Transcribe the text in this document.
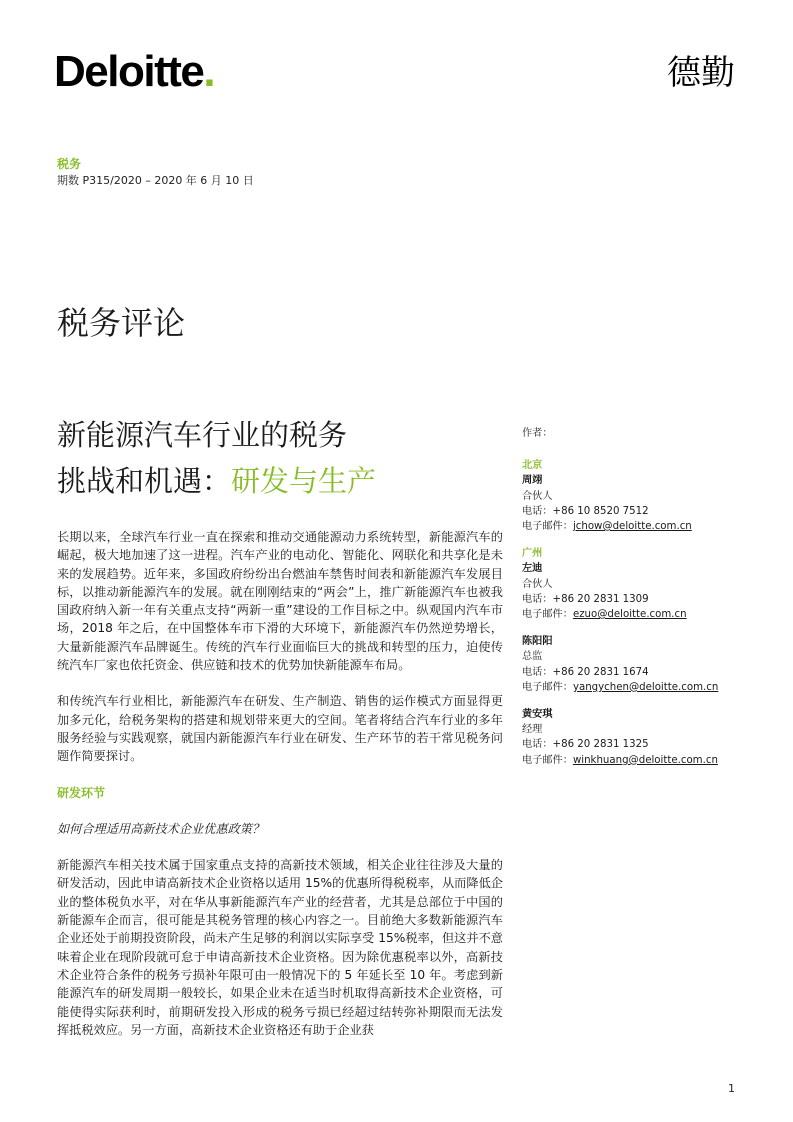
Deloitte.	德勤
税务
期数 P315/2020 – 2020 年 6 月 10 日
税务评论
新能源汽车行业的税务
挑战和机遇：研发与生产

长期以来，全球汽车行业一直在探索和推动交通能源动力系统转型，新能源汽车的崛起，极大地加速了这一进程。汽车产业的电动化、智能化、网联化和共享化是未来的发展趋势。近年来，多国政府纷纷出台燃油车禁售时间表和新能源汽车发展目标，以推动新能源汽车的发展。就在刚刚结束的“两会”上，推广新能源汽车也被我国政府纳入新一年有关重点支持“两新一重”建设的工作目标之中。纵观国内汽车市场，2018 年之后，在中国整体车市下滑的大环境下，新能源汽车仍然逆势增长，大量新能源汽车品牌诞生。传统的汽车行业面临巨大的挑战和转型的压力，迫使传统汽车厂家也依托资金、供应链和技术的优势加快新能源车布局。

和传统汽车行业相比，新能源汽车在研发、生产制造、销售的运作模式方面显得更加多元化，给税务架构的搭建和规划带来更大的空间。笔者将结合汽车行业的多年服务经验与实践观察，就国内新能源汽车行业在研发、生产环节的若干常见税务问题作简要探讨。

研发环节
如何合理适用高新技术企业优惠政策？

新能源汽车相关技术属于国家重点支持的高新技术领域，相关企业往往涉及大量的研发活动，因此申请高新技术企业资格以适用 15%的优惠所得税税率，从而降低企业的整体税负水平，对在华从事新能源汽车产业的经营者，尤其是总部位于中国的新能源车企而言，很可能是其税务管理的核心内容之一。目前绝大多数新能源汽车企业还处于前期投资阶段，尚未产生足够的利润以实际享受 15%税率，但这并不意味着企业在现阶段就可怠于申请高新技术企业资格。因为除优惠税率以外，高新技术企业符合条件的税务亏损补年限可由一般情况下的 5 年延长至 10 年。考虑到新能源汽车的研发周期一般较长，如果企业未在适当时机取得高新技术企业资格，可能使得实际获利时，前期研发投入形成的税务亏损已经超过结转弥补期限而无法发挥抵税效应。另一方面，高新技术企业资格还有助于企业获

作者：
北京
周翊
合伙人
电话：+86 10 8520 7512
电子邮件：jchow@deloitte.com.cn
广州
左迪
合伙人
电话：+86 20 2831 1309
电子邮件：ezuo@deloitte.com.cn
陈阳阳
总监
电话：+86 20 2831 1674
电子邮件：yangychen@deloitte.com.cn
黄安琪
经理
电话：+86 20 2831 1325
电子邮件：winkhuang@deloitte.com.cn
1
